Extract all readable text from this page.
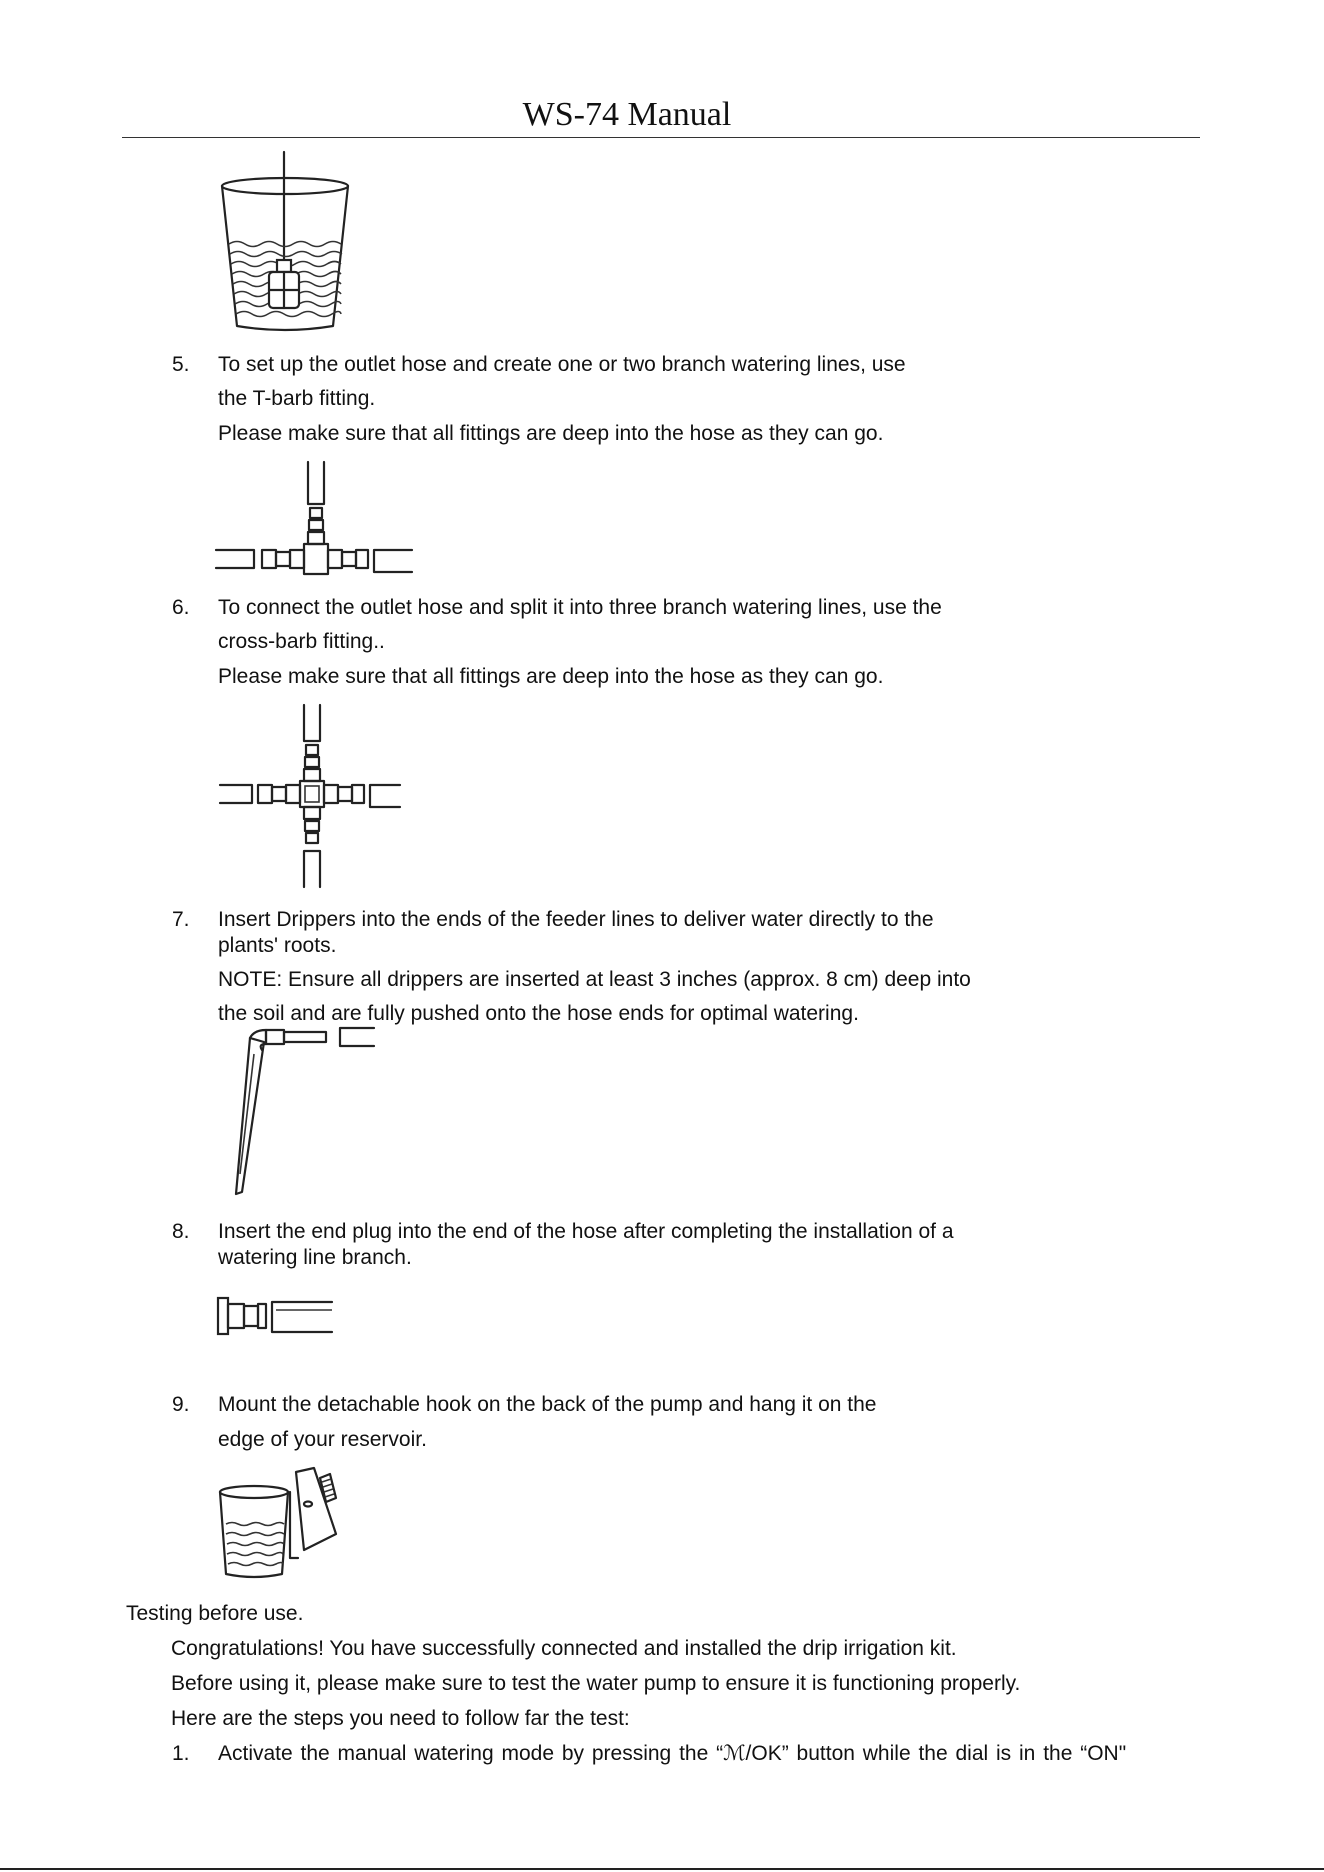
WS-74 Manual
5. To set up the outlet hose and create one or two branch watering lines, use
the T-barb fitting.
Please make sure that all fittings are deep into the hose as they can go.
6. To connect the outlet hose and split it into three branch watering lines, use the
cross-barb fitting..
Please make sure that all fittings are deep into the hose as they can go.
7. Insert Drippers into the ends of the feeder lines to deliver water directly to the
plants' roots.
NOTE: Ensure all drippers are inserted at least 3 inches (approx. 8 cm) deep into
the soil and are fully pushed onto the hose ends for optimal watering.
8. Insert the end plug into the end of the hose after completing the installation of a
watering line branch.
9. Mount the detachable hook on the back of the pump and hang it on the
edge of your reservoir.
Testing before use.
Congratulations! You have successfully connected and installed the drip irrigation kit.
Before using it, please make sure to test the water pump to ensure it is functioning properly.
Here are the steps you need to follow far the test:
1. Activate the manual watering mode by pressing the “ℳ/OK” button while the dial is in the “ON"
